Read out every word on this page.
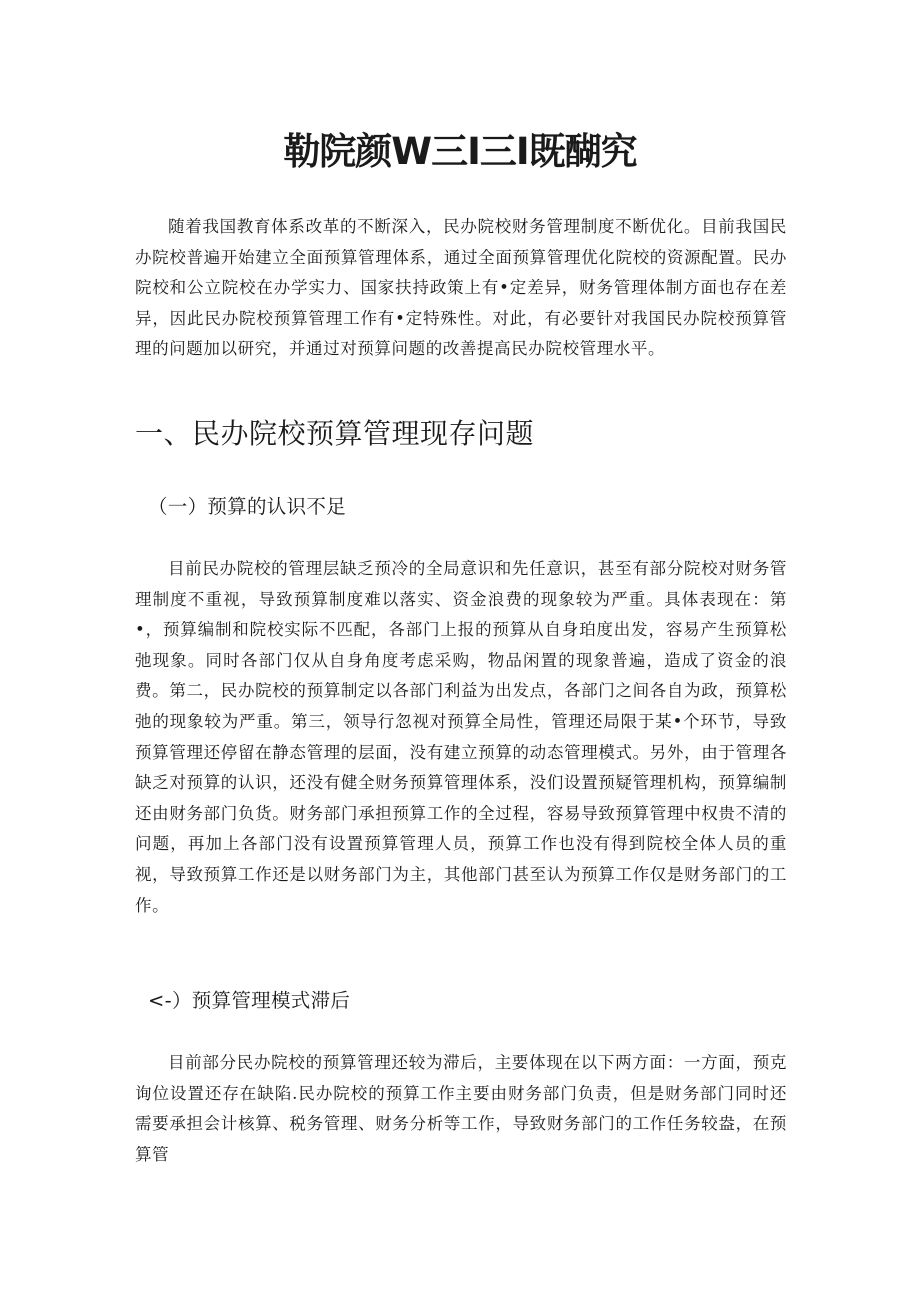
勒院颜W三I三I既醐究

随着我国教育体系改革的不断深入，民办院校财务管理制度不断优化。目前我国民办院校普遍开始建立全面预算管理体系，通过全面预算管理优化院校的资源配置。民办院校和公立院校在办学实力、国家扶持政策上有•定差异，财务管理体制方面也存在差异，因此民办院校预算管理工作有•定特殊性。对此，有必要针对我国民办院校预算管理的问题加以研究，并通过对预算问题的改善提高民办院校管理水平。

一、民办院校预算管理现存问题
（一）预算的认识不足

目前民办院校的管理层缺乏预冷的全局意识和先任意识，甚至有部分院校对财务管理制度不重视，导致预算制度难以落实、资金浪费的现象较为严重。具体表现在：第•，预算编制和院校实际不匹配，各部门上报的预算从自身珀度出发，容易产生预算松弛现象。同时各部门仅从自身角度考虑采购，物品闲置的现象普遍，造成了资金的浪费。第二，民办院校的预算制定以各部门利益为出发点，各部门之间各自为政，预算松弛的现象较为严重。第三，领导行忽视对预算全局性，管理还局限于某•个环节，导致预算管理还停留在静态管理的层面，没有建立预算的动态管理模式。另外，由于管理各缺乏对预算的认识，还没有健全财务预算管理体系，没们设置预疑管理机构，预算编制还由财务部门负货。财务部门承担预算工作的全过程，容易导致预算管理中权贵不清的问题，再加上各部门没有设置预算管理人员，预算工作也没有得到院校全体人员的重视，导致预算工作还是以财务部门为主，其他部门甚至认为预算工作仅是财务部门的工作。

<-）预算管理模式滞后

目前部分民办院校的预算管理还较为滞后，主要体现在以下两方面：一方面，预克询位设置还存在缺陷.民办院校的预算工作主要由财务部门负责，但是财务部门同时还需要承担会计核算、税务管理、财务分析等工作，导致财务部门的工作任务较盎，在预算管
